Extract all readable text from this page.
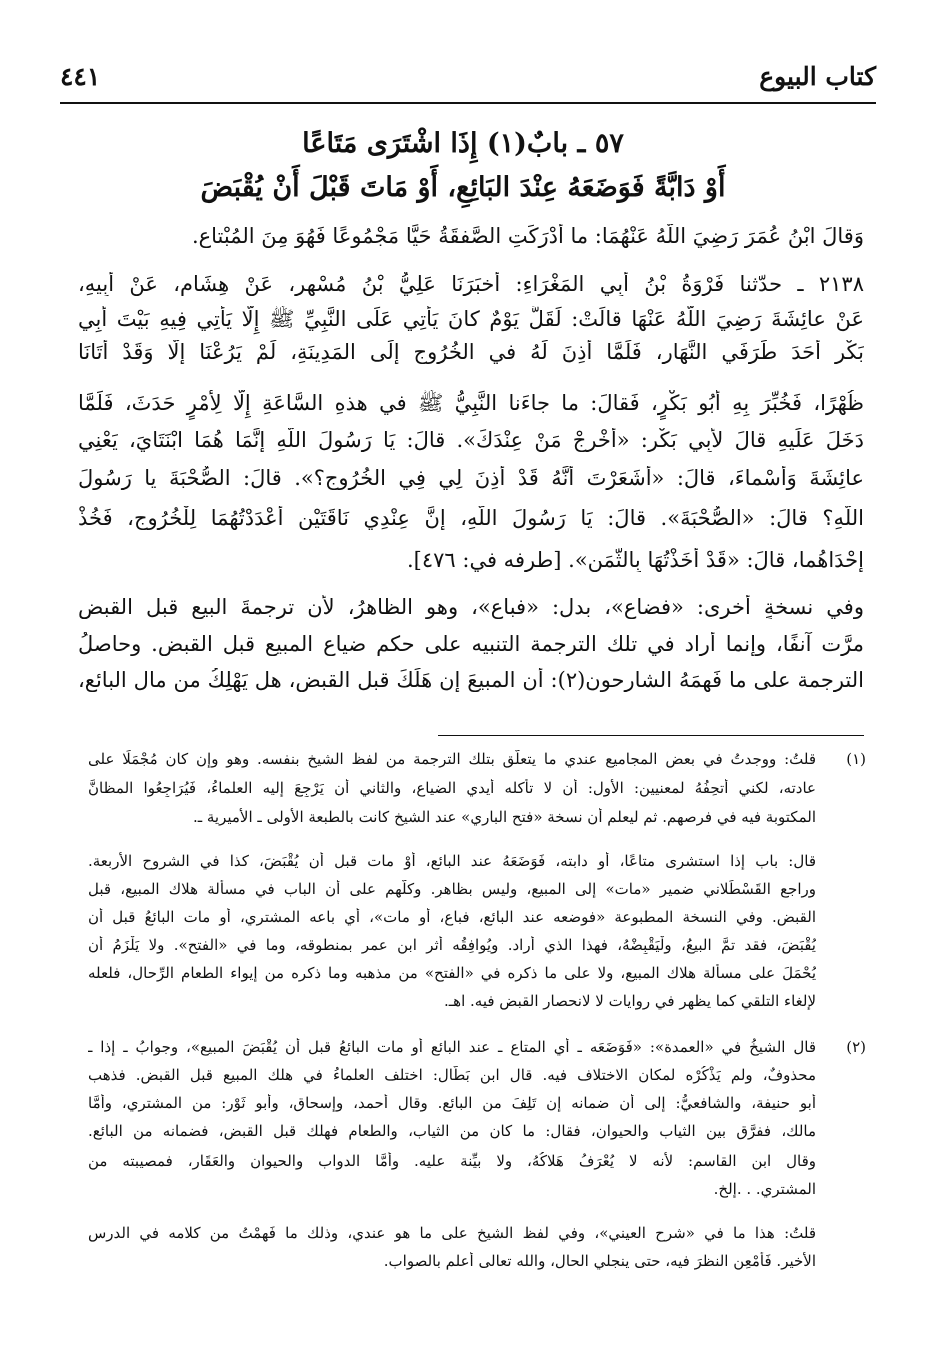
كتاب البيوع
٤٤١
٥٧ ـ بابٌ(١) إِذَا اشْتَرَى مَتَاعًا
أَوْ دَابَّةً فَوَضَعَهُ عِنْدَ البَائِعِ، أَوْ مَاتَ قَبْلَ أَنْ يُقْبَضَ
وَقالَ ابْنُ عُمَرَ رَضِيَ اللَّهُ عَنْهُمَا: ما أَدْرَكَتِ الصَّفقَةُ حَيًّا مَجْمُوعًا فَهُوَ مِنَ المُبْتاعِ.
٢١٣٨ ـ حدّثنا فَرْوَةُ بْنُ أَبِي المَغْرَاءِ: أَخبَرَنَا عَلِيُّ بْنُ مُسْهِرٍ، عَنْ هِشَامٍ، عَنْ أَبِيهِ،
عَنْ عائِشَةَ رَضِيَ اللَّهُ عَنْهَا قالَتْ: لَقَلَّ يَوْمٌ كانَ يَأْتِي عَلَى النَّبِيِّ ﷺ إِلَّا يَأْتِي فِيهِ بَيْتَ أَبِي
بَكْرٍ أَحَدَ طَرَفَيِ النَّهَارِ، فَلَمَّا أُذِنَ لَهُ في الخُرُوجِ إِلَى المَدِينَةِ، لَمْ يَرُعْنَا إِلَّا وَقَدْ أَتَانَا
ظُهْرًا، فَخُبِّرَ بِهِ أَبُو بَكْرٍ، فَقالَ: ما جاءَنا النَّبِيُّ ﷺ في هذهِ السَّاعَةِ إِلَّا لِأَمْرٍ حَدَثَ، فَلَمَّا
دَخَلَ عَلَيهِ قالَ لأَبِي بَكْرٍ: «أَخْرِجْ مَنْ عِنْدَكَ». قالَ: يَا رَسُولَ اللَّهِ إِنَّمَا هُمَا ابْنَتَايَ، يَعْنِي
عائِشَةَ وَأَسْماءَ، قالَ: «أَشَعَرْتَ أَنَّهُ قَدْ أُذِنَ لِي فِي الخُرُوجِ؟». قالَ: الصُّحْبَةَ يا رَسُولَ
اللَّهِ؟ قالَ: «الصُّحْبَةَ». قالَ: يَا رَسُولَ اللَّهِ، إِنَّ عِنْدِي نَاقَتَيْنِ أَعْدَدْتُهُمَا لِلْخُرُوجِ، فَخُذْ
إِحْدَاهُما، قالَ: «قَدْ أَخَذْتُهَا بِالثَّمَنِ». [طرفه في: ٤٧٦].
وفي نسخةٍ أخرى: «فضاع»، بدل: «فباع»، وهو الظاهرُ، لأن ترجمةَ البيع قبل القبض
مرَّت آنفًا، وإنما أراد في تلك الترجمة التنبيه على حكم ضياع المبيع قبل القبض. وحاصلُ
الترجمة على ما فَهِمَهُ الشارحون(٢): أن المبيعَ إن هَلَكَ قبل القبض، هل يَهْلِكُ من مال البائع،
(١)
قلتُ: ووجدتُ في بعض المجاميع عندي ما يتعلَّق بتلك الترجمة من لفظ الشيخ بنفسه. وهو وإن كان مُجْمَلًا على
عادته، لكني أُتحِفُهُ لمعنيين: الأول: أن لا تأكله أيدي الضياع، والثاني أن يَرْجِعَ إليه العلماءُ، فَيُرَاجِعُوا المظانَّ
المكتوبة فيه في فرصهم. ثم ليعلم أن نسخة «فتح الباري» عند الشيخ كانت بالطبعة الأولى ـ الأميرية ـ.
قال: باب إذا استشرى متاعًا، أو دابته، فَوَضَعَهُ عند البائع، أوْ مات قبل أن يُقْبَضَ، كذا في الشروح الأربعة.
وراجع القَسْطَلاني ضمير «مات» إلى المبيع، وليس بظاهرٍ. وكلُّهم على أن الباب في مسألة هلاك المبيع، قبل
القبض. وفي النسخة المطبوعة «فوضعه عند البائع، فباع، أو مات»، أي باعه المشتري، أو مات البائعُ قبل أن
يُقْبَضَ، فقد تمَّ البيعُ، ولْيَقْبِضْهُ، فهذا الذي أراد. ويُوافِقُه أثر ابن عمر بمنطوقه، وما في «الفتح». ولا يَلْزَمُ أن
يُحْمَلَ على مسألة هلاك المبيع، ولا على ما ذكره في «الفتح» من مذهبه وما ذكره من إيواء الطعام الرِّحال، فلعله
لإلغاء التلقي كما يظهر في روايات لا لانحصار القبض فيه. اهـ.
(٢)
قال الشيخُ في «العمدة»: «فَوَضَعَه ـ أي المتاع ـ عند البائع أو مات البائعُ قبل أن يُقْبَضَ المبيع»، وجوابُ ـ إذا ـ
محذوفٌ، ولم يَذْكُرْه لمكان الاختلاف فيه. قال ابن بَطَّال: اختلف العلماءُ في هلك المبيع قبل القبض. فذهب
أبو حنيفة، والشافعيُّ: إلى أن ضمانه إن تَلِفَ من البائع. وقال أحمد، وإسحاق، وأبو ثَوْر: من المشتري، وأمَّا
مالك، ففرَّق بين الثياب والحيوان، فقال: ما كان من الثياب، والطعام فهلك قبل القبض، فضمانه من البائع.
وقال ابن القاسم: لأنه لا يُعْرَفُ هَلاكُهُ، ولا بيِّنة عليه. وأمَّا الدواب والحيوان والعَقَار، فمصيبته من
المشتري. . .إلخ.
قلتُ: هذا ما في «شرح العيني»، وفي لفظ الشيخ على ما هو عندي، وذلك ما فَهِمْتُ من كلامه في الدرس
الأخير. فَأَمْعِنِ النظرَ فيه، حتى ينجلي الحال، والله تعالى أعلم بالصواب.
